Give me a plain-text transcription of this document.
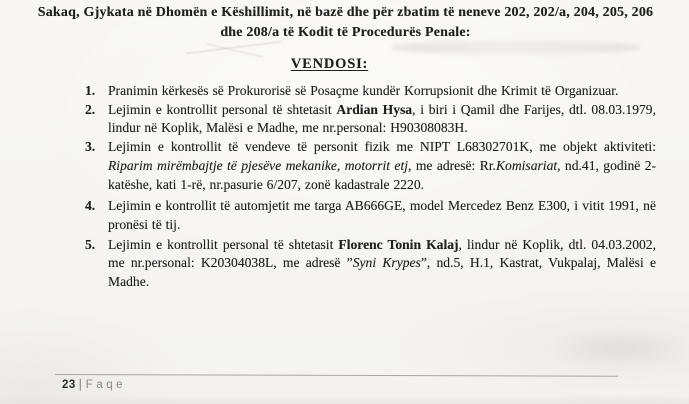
Sakaq, Gjykata në Dhomën e Këshillimit, në bazë dhe për zbatim të neneve 202, 202/a, 204, 205, 206 dhe 208/a të Kodit të Procedurës Penale:
VENDOSI:
1. Pranimin kërkesës së Prokurorisë së Posaçme kundër Korrupsionit dhe Krimit të Organizuar.
2. Lejimin e kontrollit personal të shtetasit Ardian Hysa, i biri i Qamil dhe Farijes, dtl. 08.03.1979, lindur në Koplik, Malësi e Madhe, me nr.personal: H90308083H.
3. Lejimin e kontrollit të vendeve të personit fizik me NIPT L68302701K, me objekt aktiviteti: Riparim mirëmbajtje të pjesëve mekanike, motorrit etj, me adresë: Rr.Komisariat, nd.41, godinë 2-katëshe, kati 1-rë, nr.pasurie 6/207, zonë kadastrale 2220.
4. Lejimin e kontrollit të automjetit me targa AB666GE, model Mercedez Benz E300, i vitit 1991, në pronësi të tij.
5. Lejimin e kontrollit personal të shtetasit Florenc Tonin Kalaj, lindur në Koplik, dtl. 04.03.2002, me nr.personal: K20304038L, me adresë ”Syni Krypes”, nd.5, H.1, Kastrat, Vukpalaj, Malësi e Madhe.
23 | Faqe
